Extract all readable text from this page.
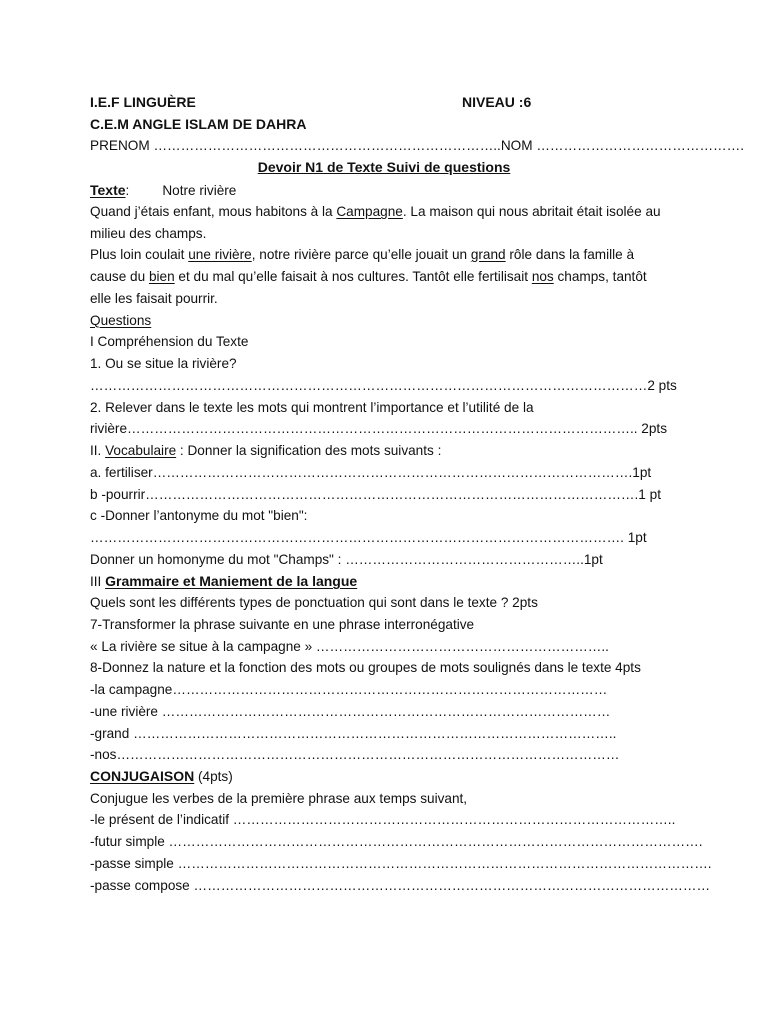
I.E.F LINGUÈRE	NIVEAU :6
C.E.M ANGLE ISLAM DE DAHRA
PRENOM …………………………………………………………………..NOM ……………………………………….
Devoir N1 de Texte Suivi de questions
Texte: Notre rivière
Quand j’étais enfant, mous habitons à la Campagne. La maison qui nous abritait était isolée au
milieu des champs.
Plus loin coulait une rivière, notre rivière parce qu’elle jouait un grand rôle dans la famille à
cause du bien et du mal qu’elle faisait à nos cultures. Tantôt elle fertilisait nos champs, tantôt
elle les faisait pourrir.
Questions
I Compréhension du Texte
1. Ou se situe la rivière?
……………………………………………………………………………………………………………2 pts
2. Relever dans le texte les mots qui montrent l’importance et l’utilité de la
rivière………………………………………………………………………………………………….. 2pts
II. Vocabulaire : Donner la signification des mots suivants :
a. fertiliser…………………………………………………………………………………………….1pt
b -pourrir……………………………………………………………………………………………….1 pt
c -Donner l’antonyme du mot "bien":
………………………………………………………………………………………………………. 1pt
Donner un homonyme du mot "Champs" : ……………………………………………..1pt
III Grammaire et Maniement de la langue
Quels sont les différents types de ponctuation qui sont dans le texte ? 2pts
7-Transformer la phrase suivante en une phrase interronégative
« La rivière se situe à la campagne » ………………………………………………………..
8-Donnez la nature et la fonction des mots ou groupes de mots soulignés dans le texte 4pts
-la campagne……………………………………………………………………………………
-une rivière ………………………………………………………………………………………
-grand ……………………………………………………………………………………………..
-nos…………………………………………………………………………………………………
CONJUGAISON (4pts)
Conjugue les verbes de la première phrase aux temps suivant,
-le présent de l’indicatif ……………………………………………………………………………………..
-futur simple ……………………………………………………………………………………………………….
-passe simple ……………………………………………………………………………………………………….
-passe compose ……………………………………………………………………………………………………
